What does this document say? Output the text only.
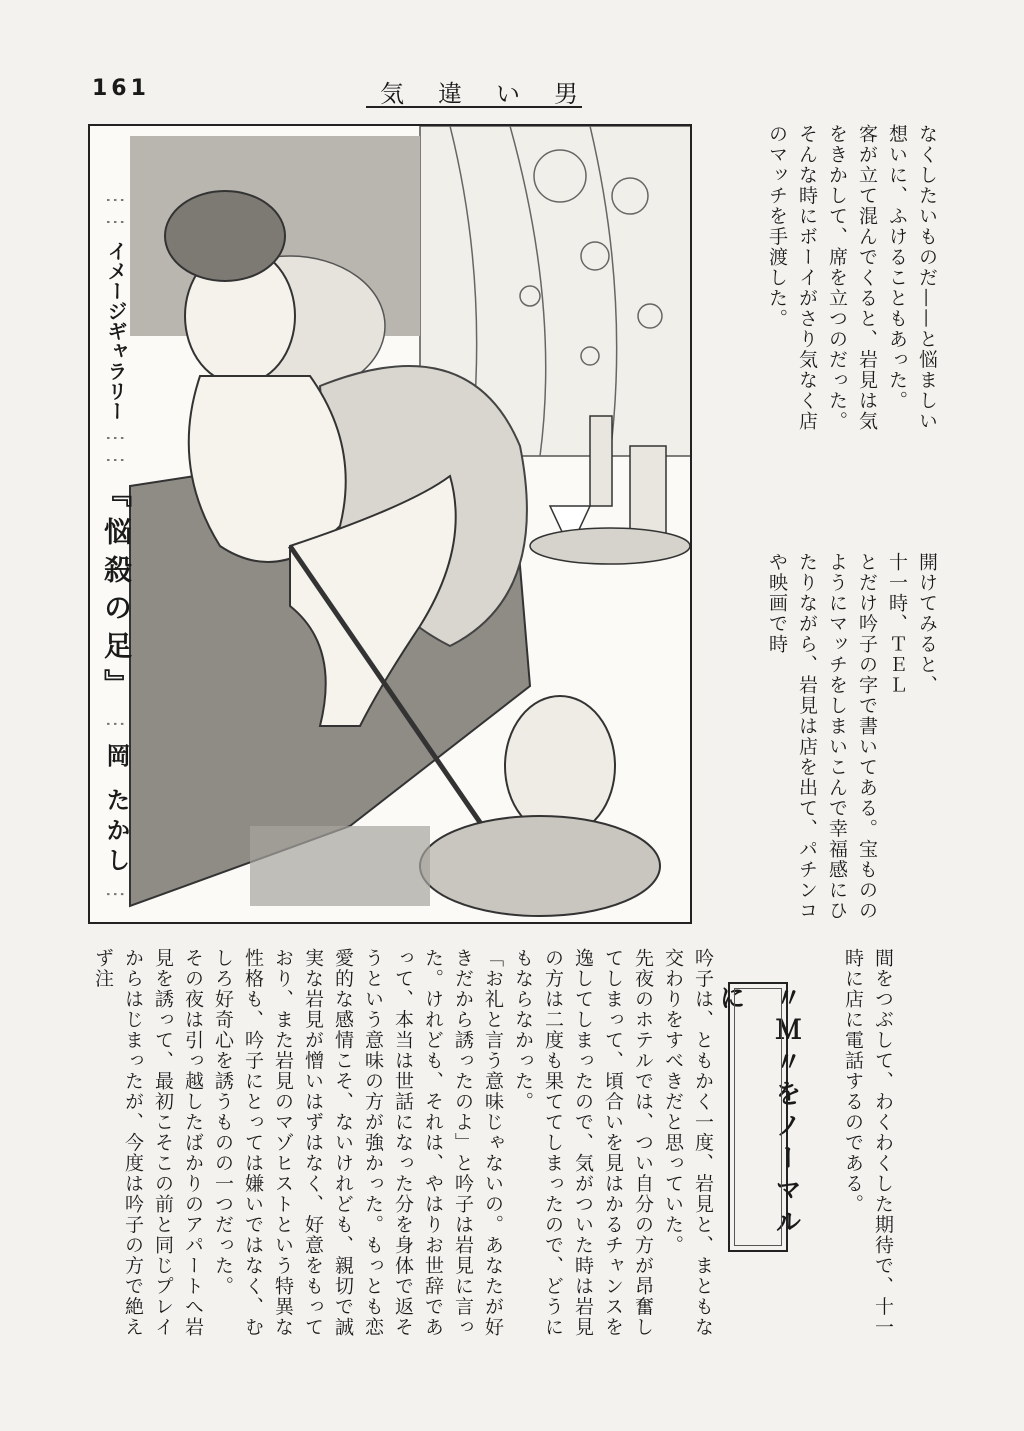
161	気違い男
⋮⋮ イメージギャラリー ⋮⋮ 『悩殺の足』 ⋮ 岡 たかし ⋮

なくしたいものだ——と悩ましい想いに、ふけることもあった。

客が立て混んでくると、岩見は気をきかして、席を立つのだった。そんな時にボーイがさり気なく店のマッチを手渡した。

開けてみると、

十一時、ＴＥＬ

とだけ吟子の字で書いてある。宝もののようにマッチをしまいこんで幸福感にひたりながら、岩見は店を出て、パチンコや映画で時

間をつぶして、わくわくした期待で、十一時に店に電話するのである。

〃Ｍ〃をノーマルに

吟子は、ともかく一度、岩見と、まともな交わりをすべきだと思っていた。

先夜のホテルでは、つい自分の方が昂奮してしまって、頃合いを見はかるチャンスを逸してしまったので、気がついた時は岩見の方は二度も果ててしまったので、どうにもならなかった。

「お礼と言う意味じゃないの。あなたが好きだから誘ったのよ」と吟子は岩見に言った。けれども、それは、やはりお世辞であって、本当は世話になった分を身体で返そうという意味の方が強かった。もっとも恋愛的な感情こそ、ないけれども、親切で誠実な岩見が憎いはずはなく、好意をもっており、また岩見のマゾヒストという特異な性格も、吟子にとっては嫌いではなく、むしろ好奇心を誘うものの一つだった。

その夜は引っ越したばかりのアパートへ岩見を誘って、最初こそこの前と同じプレイからはじまったが、今度は吟子の方で絶えず注
